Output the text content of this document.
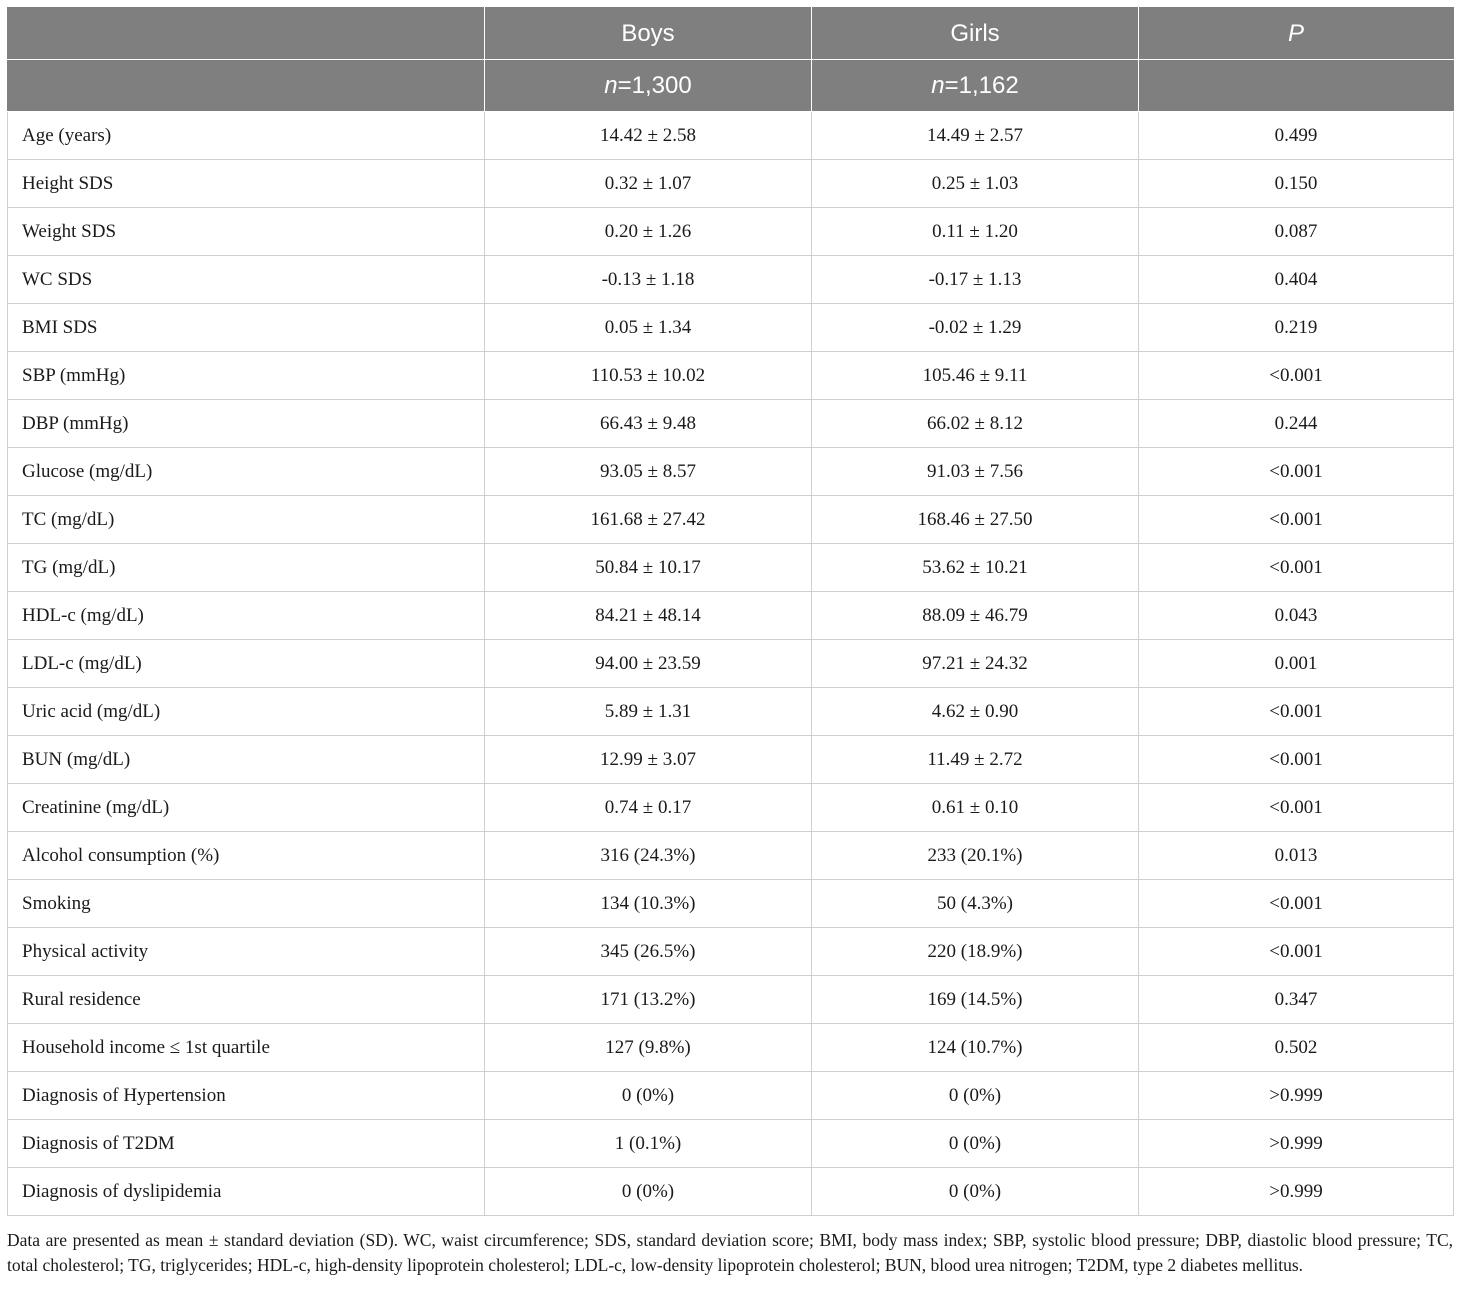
	Boys	Girls	P
	n=1,300	n=1,162	
Age (years)	14.42 ± 2.58	14.49 ± 2.57	0.499
Height SDS	0.32 ± 1.07	0.25 ± 1.03	0.150
Weight SDS	0.20 ± 1.26	0.11 ± 1.20	0.087
WC SDS	-0.13 ± 1.18	-0.17 ± 1.13	0.404
BMI SDS	0.05 ± 1.34	-0.02 ± 1.29	0.219
SBP (mmHg)	110.53 ± 10.02	105.46 ± 9.11	<0.001
DBP (mmHg)	66.43 ± 9.48	66.02 ± 8.12	0.244
Glucose (mg/dL)	93.05 ± 8.57	91.03 ± 7.56	<0.001
TC (mg/dL)	161.68 ± 27.42	168.46 ± 27.50	<0.001
TG (mg/dL)	50.84 ± 10.17	53.62 ± 10.21	<0.001
HDL-c (mg/dL)	84.21 ± 48.14	88.09 ± 46.79	0.043
LDL-c (mg/dL)	94.00 ± 23.59	97.21 ± 24.32	0.001
Uric acid (mg/dL)	5.89 ± 1.31	4.62 ± 0.90	<0.001
BUN (mg/dL)	12.99 ± 3.07	11.49 ± 2.72	<0.001
Creatinine (mg/dL)	0.74 ± 0.17	0.61 ± 0.10	<0.001
Alcohol consumption (%)	316 (24.3%)	233 (20.1%)	0.013
Smoking	134 (10.3%)	50 (4.3%)	<0.001
Physical activity	345 (26.5%)	220 (18.9%)	<0.001
Rural residence	171 (13.2%)	169 (14.5%)	0.347
Household income ≤ 1st quartile	127 (9.8%)	124 (10.7%)	0.502
Diagnosis of Hypertension	0 (0%)	0 (0%)	>0.999
Diagnosis of T2DM	1 (0.1%)	0 (0%)	>0.999
Diagnosis of dyslipidemia	0 (0%)	0 (0%)	>0.999
Data are presented as mean ± standard deviation (SD). WC, waist circumference; SDS, standard deviation score; BMI, body mass index; SBP, systolic blood pressure; DBP, diastolic blood pressure; TC, total cholesterol; TG, triglycerides; HDL-c, high-density lipoprotein cholesterol; LDL-c, low-density lipoprotein cholesterol; BUN, blood urea nitrogen; T2DM, type 2 diabetes mellitus.
